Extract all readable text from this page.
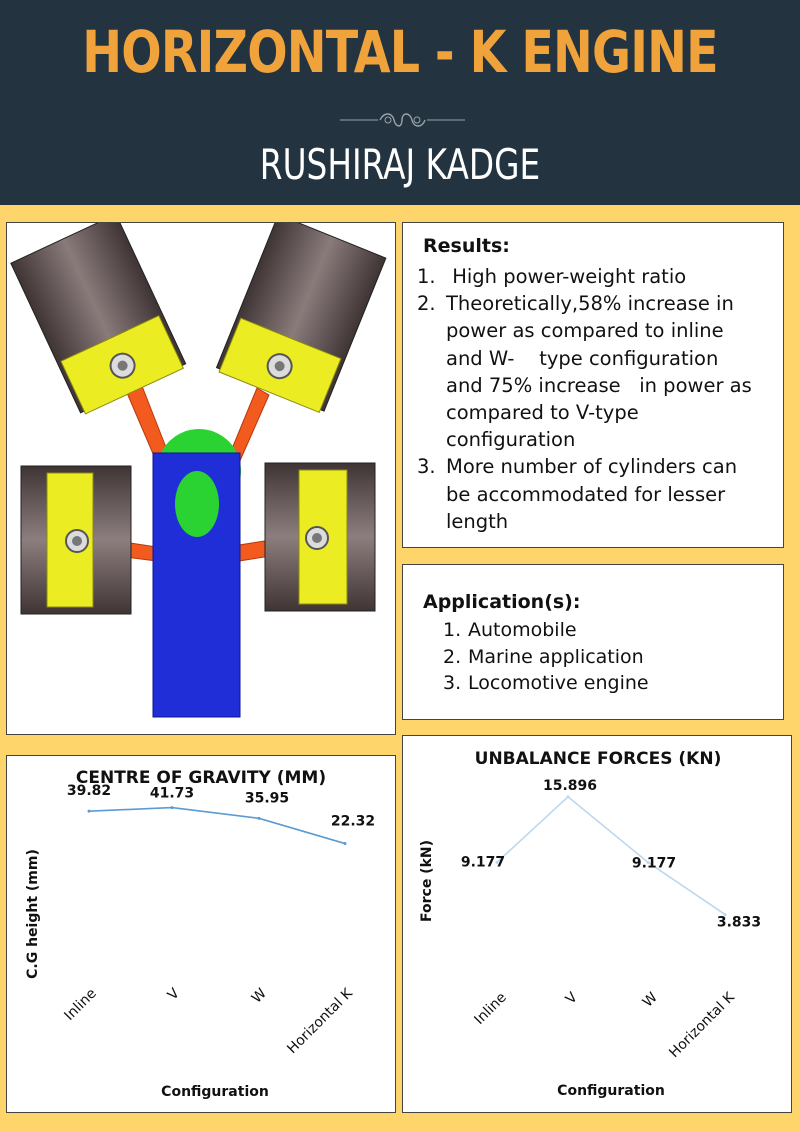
HORIZONTAL - K ENGINE
RUSHIRAJ KADGE
Results:
1. High power-weight ratio
2. Theoretically,58% increase in
power as compared to inline
and W-    type configuration
and 75% increase   in power as
compared to V-type
configuration
3. More number of cylinders can
be accommodated for lesser
length
Application(s):
1. Automobile
2. Marine application
3. Locomotive engine
CENTRE OF GRAVITY (MM)
C.G height (mm)
Configuration
39.82	41.73	35.95
22.32
Inline	V	W Horizontal K
UNBALANCE FORCES (KN)
Force (kN)
Configuration
9.177
15.896
9.177
3.833
Inline	V	W Horizontal K
